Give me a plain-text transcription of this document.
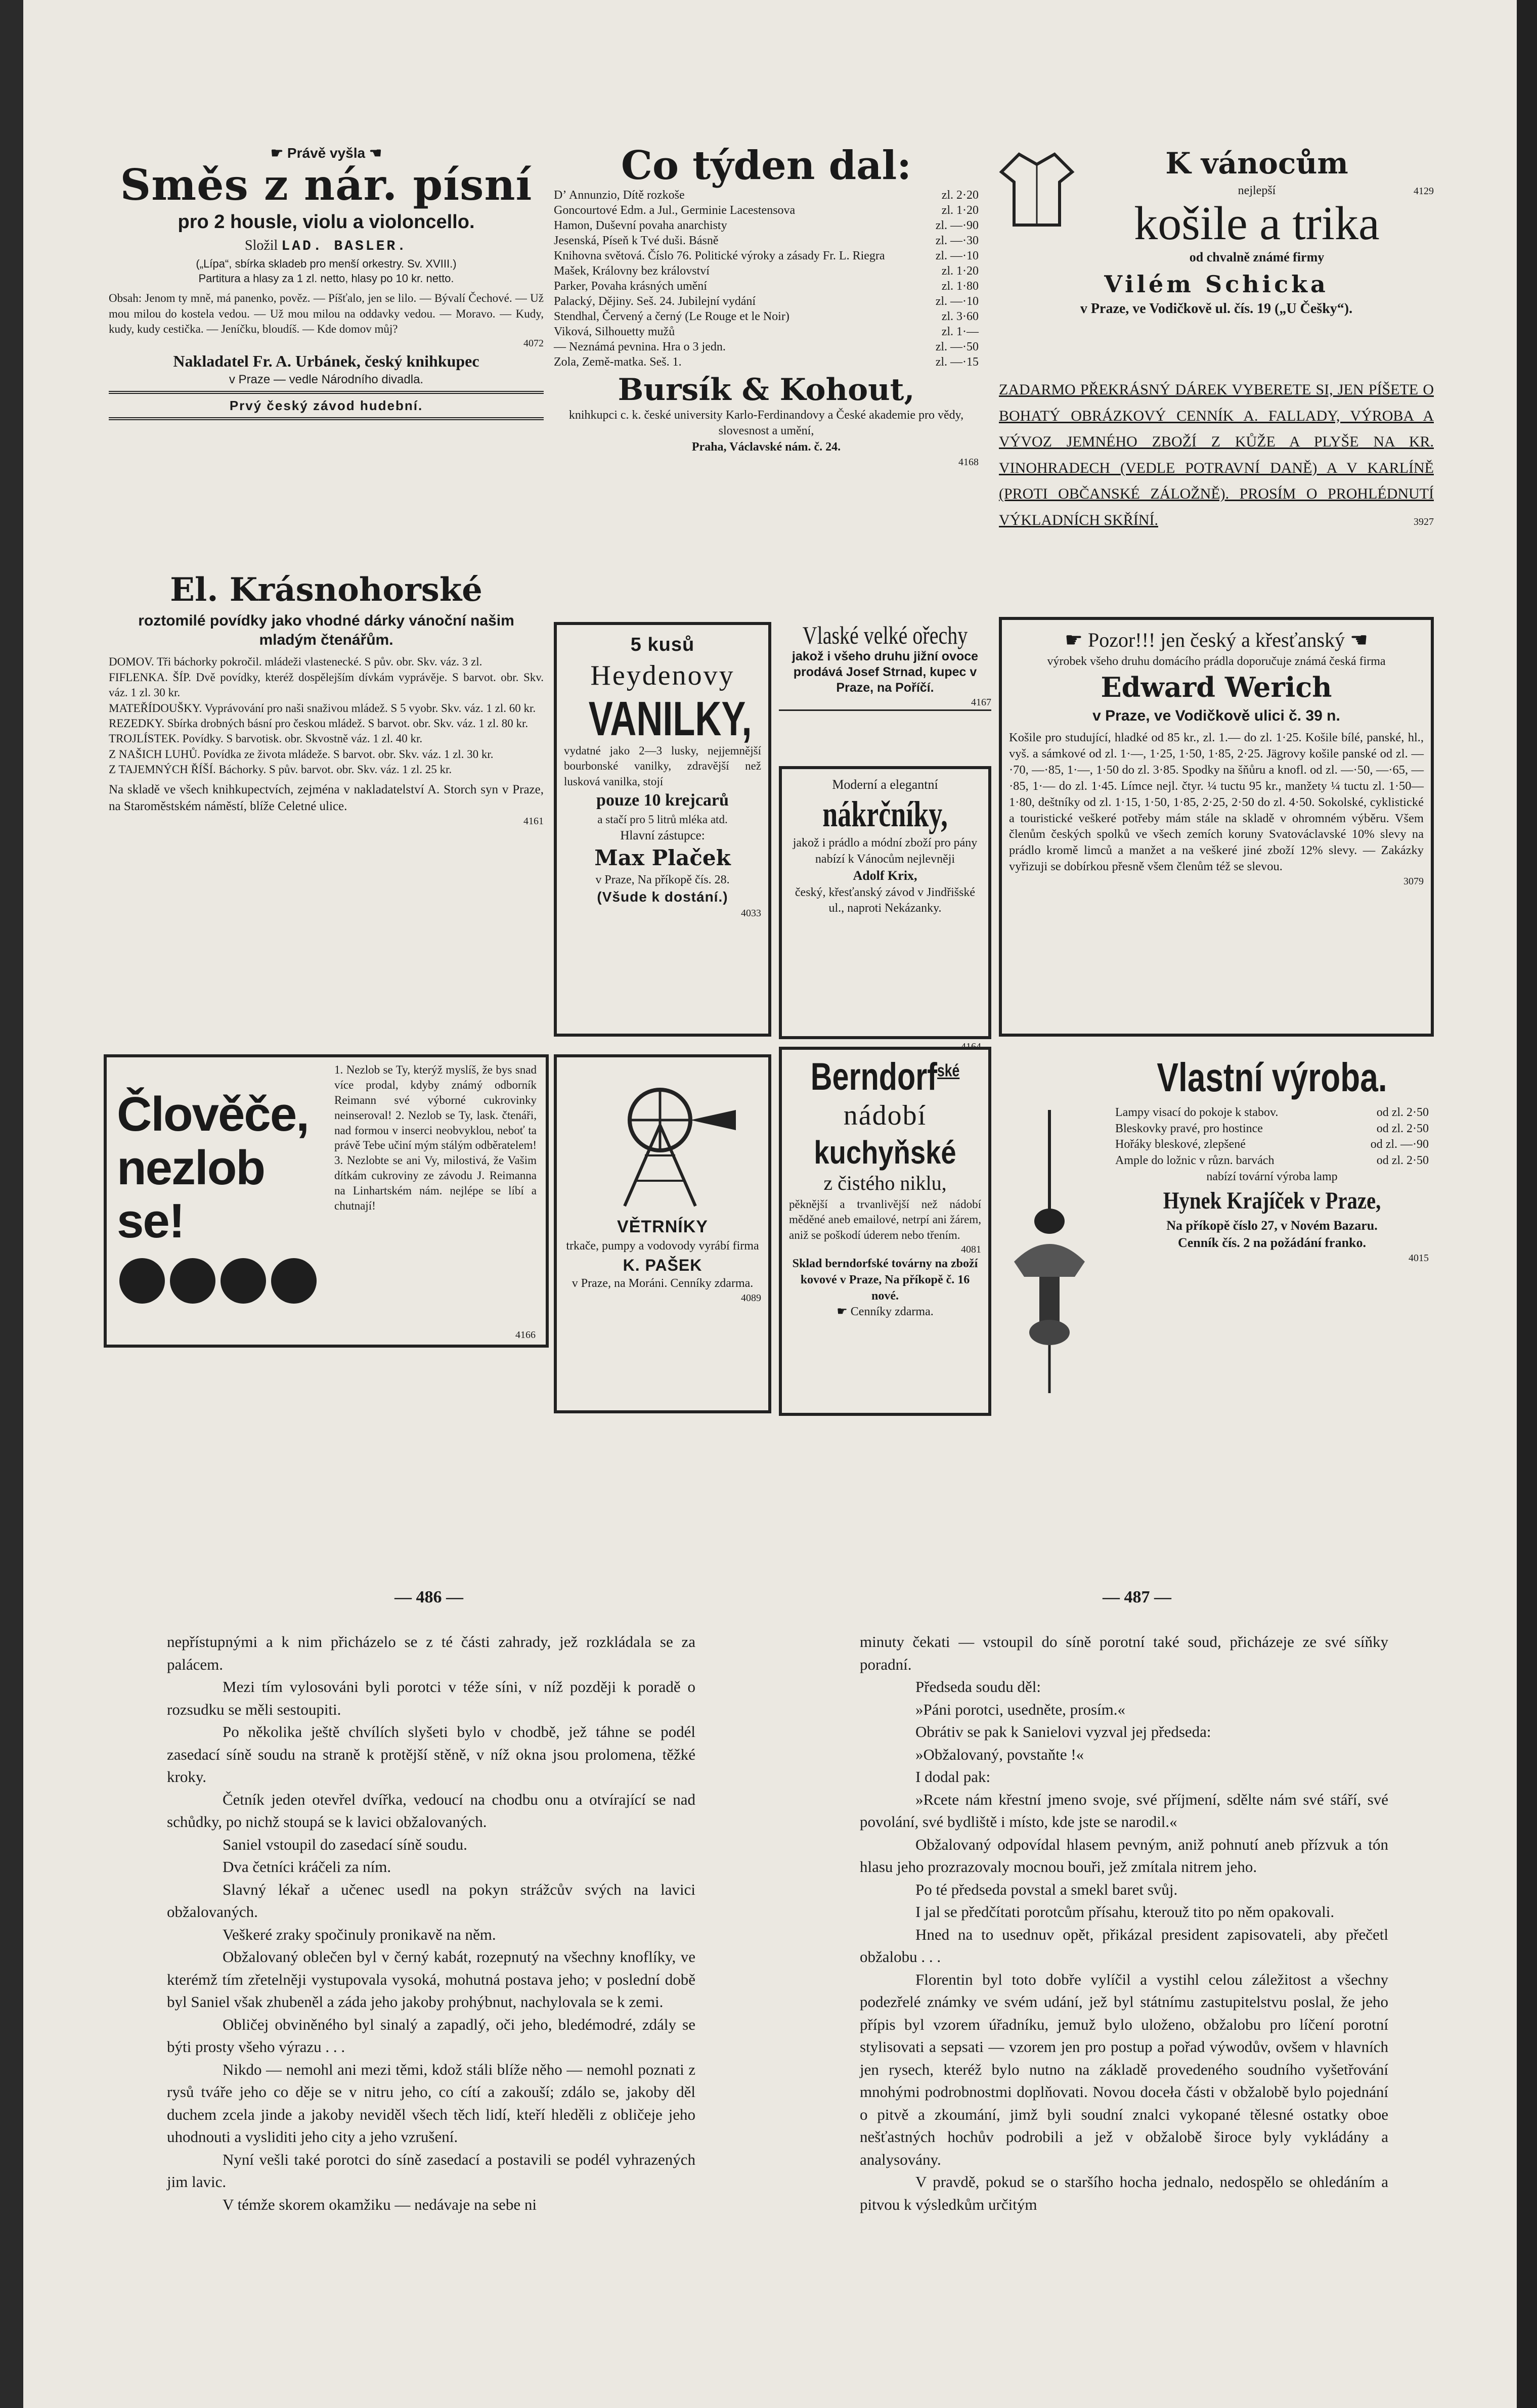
☛ Právě vyšla ☚
Směs z nár. písní
pro 2 housle, violu a violoncello.
Složil LAD. BASLER.
(„Lípa“, sbírka skladeb pro menší orkestry. Sv. XVIII.)
Partitura a hlasy za 1 zl. netto, hlasy po 10 kr. netto.
Obsah: Jenom ty mně, má panenko, pověz. — Píšťalo, jen se lilo. — Bývalí Čechové. — Už mou milou do kostela vedou. — Už mou milou na oddavky vedou. — Moravo. — Kudy, kudy, kudy cestička. — Jeníčku, bloudíš. — Kde domov můj?
4072
Nakladatel Fr. A. Urbánek, český knihkupec
v Praze — vedle Národního divadla.
Prvý český závod hudební.
El. Krásnohorské
roztomilé povídky jako vhodné dárky vánoční našim mladým čtenářům.
DOMOV. Tři báchorky pokročil. mládeži vlastenecké. S pův. obr. Skv. váz. 3 zl.
FIFLENKA. ŠÍP. Dvě povídky, kteréž dospělejším dívkám vyprávěje. S barvot. obr. Skv. váz. 1 zl. 30 kr.
MATEŘÍDOUŠKY. Vyprávování pro naši snaživou mládež. S 5 vyobr. Skv. váz. 1 zl. 60 kr.
REZEDKY. Sbírka drobných básní pro českou mládež. S barvot. obr. Skv. váz. 1 zl. 80 kr.
TROJLÍSTEK. Povídky. S barvotisk. obr. Skvostně váz. 1 zl. 40 kr.
Z NAŠICH LUHŮ. Povídka ze života mládeže. S barvot. obr. Skv. váz. 1 zl. 30 kr.
Z TAJEMNÝCH ŘÍŠÍ. Báchorky. S pův. barvot. obr. Skv. váz. 1 zl. 25 kr.
Na skladě ve všech knihkupectvích, zejména v nakladatelství A. Storch syn v Praze, na Staroměstském náměstí, blíže Celetné ulice.
4161
Člověče,
nezlob se!
1. Nezlob se Ty, kterýž myslíš, že bys snad více prodal, kdyby známý odborník Reimann své výborné cukrovinky neinseroval! 2. Nezlob se Ty, lask. čtenáři, nad formou v inserci neobvyklou, neboť ta právě Tebe učiní mým stálým odběratelem! 3. Nezlobte se ani Vy, milostivá, že Vašim dítkám cukroviny ze závodu J. Reimanna na Linhartském nám. nejlépe se líbí a chutnají!
4166
Co týden dal:
Dʼ Annunzio, Dítě rozkoše	zl. 2·20
Goncourtové Edm. a Jul., Germinie Lacestensova	zl. 1·20
Hamon, Duševní povaha anarchisty	zl. —·90
Jesenská, Píseň k Tvé duši. Básně	zl. —·30
Knihovna světová. Číslo 76. Politické výroky a zásady Fr. L. Riegra	zl. —·10
Mašek, Královny bez království	zl. 1·20
Parker, Povaha krásných umění	zl. 1·80
Palacký, Dějiny. Seš. 24. Jubilejní vydání	zl. —·10
Stendhal, Červený a černý (Le Rouge et le Noir)	zl. 3·60
Viková, Silhouetty mužů	zl. 1·—
— Neznámá pevnina. Hra o 3 jedn.	zl. —·50
Zola, Země-matka. Seš. 1.	zl. —·15
Bursík & Kohout,
knihkupci c. k. české university Karlo-Ferdinandovy a České akademie pro vědy, slovesnost a umění,
Praha, Václavské nám. č. 24.
4168
5 kusů
Heydenovy
VANILKY,
vydatné jako 2—3 lusky, nejjemnější bourbonské vanilky, zdravější než lusková vanilka, stojí
pouze 10 krejcarů
a stačí pro 5 litrů mléka atd.
Hlavní zástupce:
Max Plaček
v Praze, Na příkopě čís. 28.
(Všude k dostání.)
4033
VĚTRNÍKY
trkače, pumpy a vodovody vyrábí firma
K. PAŠEK
v Praze, na Moráni. Cenníky zdarma.
4089
Vlaské velké ořechy
jakož i všeho druhu jižní ovoce prodává Josef Strnad, kupec v Praze, na Poříčí.
4167
Moderní a elegantní
nákrčníky,
jakož i prádlo a módní zboží pro pány nabízí k Vánocům nejlevněji
Adolf Krix,
český, křesťanský závod v Jindřišské ul., naproti Nekázanky.
4164
Berndorf$^{ské}$
nádobí
kuchyňské
z čistého niklu,
pěknější a trvanlivější než nádobí měděné aneb emailové, netrpí ani žárem, aniž se poškodí úderem nebo třením.
4081
Sklad berndorfské továrny na zboží kovové v Praze, Na příkopě č. 16 nové.
☛ Cenníky zdarma.
K vánocům
nejlepší
košile a trika
od chvalně známé firmy
Vilém Schicka
v Praze, ve Vodičkově ul. čís. 19 („U Češky“).
4129
ZADARMO PŘEKRÁSNÝ DÁREK VYBERETE SI, JEN PÍŠETE O BOHATÝ OBRÁZKOVÝ CENNÍK A. FALLADY, VÝROBA A VÝVOZ JEMNÉHO ZBOŽÍ Z KŮŽE A PLYŠE NA KR. VINOHRADECH (VEDLE POTRAVNÍ DANĚ) A V KARLÍNĚ (PROTI OBČANSKÉ ZÁLOŽNĚ). PROSÍM O PROHLÉDNUTÍ VÝKLADNÍCH SKŘÍNÍ.	3927
☛ Pozor!!! jen český a křesťanský ☚
výrobek všeho druhu domácího prádla doporučuje známá česká firma
Edward Werich
v Praze, ve Vodičkově ulici č. 39 n.
Košile pro studující, hladké od 85 kr., zl. 1.— do zl. 1·25. Košile bílé, panské, hl., vyš. a sámkové od zl. 1·—, 1·25, 1·50, 1·85, 2·25. Jägrovy košile panské od zl. —·70, —·85, 1·—, 1·50 do zl. 3·85. Spodky na šňůru a knofl. od zl. —·50, —·65, —·85, 1·— do zl. 1·45. Límce nejl. čtyr. ¼ tuctu 95 kr., manžety ¼ tuctu zl. 1·50—1·80, deštníky od zl. 1·15, 1·50, 1·85, 2·25, 2·50 do zl. 4·50. Sokolské, cyklistické a touristické veškeré potřeby mám stále na skladě v ohromném výběru. Všem členům českých spolků ve všech zemích koruny Svatováclavské 10% slevy na prádlo kromě limců a manžet a na veškeré jiné zboží 12% slevy. — Zakázky vyřizuji se dobírkou přesně všem členům též se slevou.
3079
Vlastní výroba.
Lampy visací do pokoje k stabov.	od zl. 2·50
Bleskovky pravé, pro hostince	od zl. 2·50
Hořáky bleskové, zlepšené	od zl. —·90
Ample do ložnic v různ. barvách	od zl. 2·50
nabízí tovární výroba lamp
Hynek Krajíček v Praze,
Na příkopě číslo 27, v Novém Bazaru.
Cenník čís. 2 na požádání franko.
4015
— 486 —	— 487 —

nepřístupnými a k nim přicházelo se z té části zahrady, jež rozkládala se za palácem.

Mezi tím vylosováni byli porotci v téže síni, v níž později k poradě o rozsudku se měli sestoupiti.

Po několika ještě chvílích slyšeti bylo v chodbě, jež táhne se podél zasedací síně soudu na straně k protější stěně, v níž okna jsou prolomena, těžké kroky.

Četník jeden otevřel dvířka, vedoucí na chodbu onu a otvírající se nad schůdky, po nichž stoupá se k lavici obžalovaných.

Saniel vstoupil do zasedací síně soudu.

Dva četníci kráčeli za ním.

Slavný lékař a učenec usedl na pokyn strážcův svých na lavici obžalovaných.

Veškeré zraky spočinuly pronikavě na něm.

Obžalovaný oblečen byl v černý kabát, rozepnutý na všechny knoflíky, ve kterémž tím zřetelněji vystupovala vysoká, mohutná postava jeho; v poslední době byl Saniel však zhubeněl a záda jeho jakoby prohýbnut, nachylovala se k zemi.

Obličej obviněného byl sinalý a zapadlý, oči jeho, bledémodré, zdály se býti prosty všeho výrazu . . .

Nikdo — nemohl ani mezi těmi, kdož stáli blíže něho — nemohl poznati z rysů tváře jeho co děje se v nitru jeho, co cítí a zakouší; zdálo se, jakoby děl duchem zcela jinde a jakoby neviděl všech těch lidí, kteří hleděli z obličeje jeho uhodnouti a vysliditi jeho city a jeho vzrušení.

Nyní vešli také porotci do síně zasedací a postavili se podél vyhrazených jim lavic.

V témže skorem okamžiku — nedávaje na sebe ni

minuty čekati — vstoupil do síně porotní také soud, přicházeje ze své síňky poradní.

Předseda soudu děl:

»Páni porotci, usedněte, prosím.«

Obrátiv se pak k Sanielovi vyzval jej předseda:

»Obžalovaný, povstaňte !«

I dodal pak:

»Rcete nám křestní jmeno svoje, své příjmení, sdělte nám své stáří, své povolání, své bydliště i místo, kde jste se narodil.«

Obžalovaný odpovídal hlasem pevným, aniž pohnutí aneb přízvuk a tón hlasu jeho prozrazovaly mocnou bouři, jež zmítala nitrem jeho.

Po té předseda povstal a smekl baret svůj.

I jal se předčítati porotcům přísahu, kterouž tito po něm opakovali.

Hned na to usednuv opět, přikázal president zapisovateli, aby přečetl obžalobu . . .

Florentin byl toto dobře vylíčil a vystihl celou záležitost a všechny podezřelé známky ve svém udání, jež byl státnímu zastupitelstvu poslal, že jeho přípis byl vzorem úřadníku, jemuž bylo uloženo, obžalobu pro líčení porotní stylisovati a sepsati — vzorem jen pro postup a pořad výwodův, ovšem v hlavních jen rysech, kteréž bylo nutno na základě provedeného soudního vyšetřování mnohými podrobnostmi doplňovati. Novou doceła části v obžalobě bylo pojednání o pitvě a zkoumání, jimž byli soudní znalci vykopané tělesné ostatky oboe nešťastných hochův podrobili a jež v obžalobě široce byly vykládány a analysovány.

V pravdě, pokud se o staršího hocha jednalo, nedospělo se ohledáním a pitvou k výsledkům určitým
